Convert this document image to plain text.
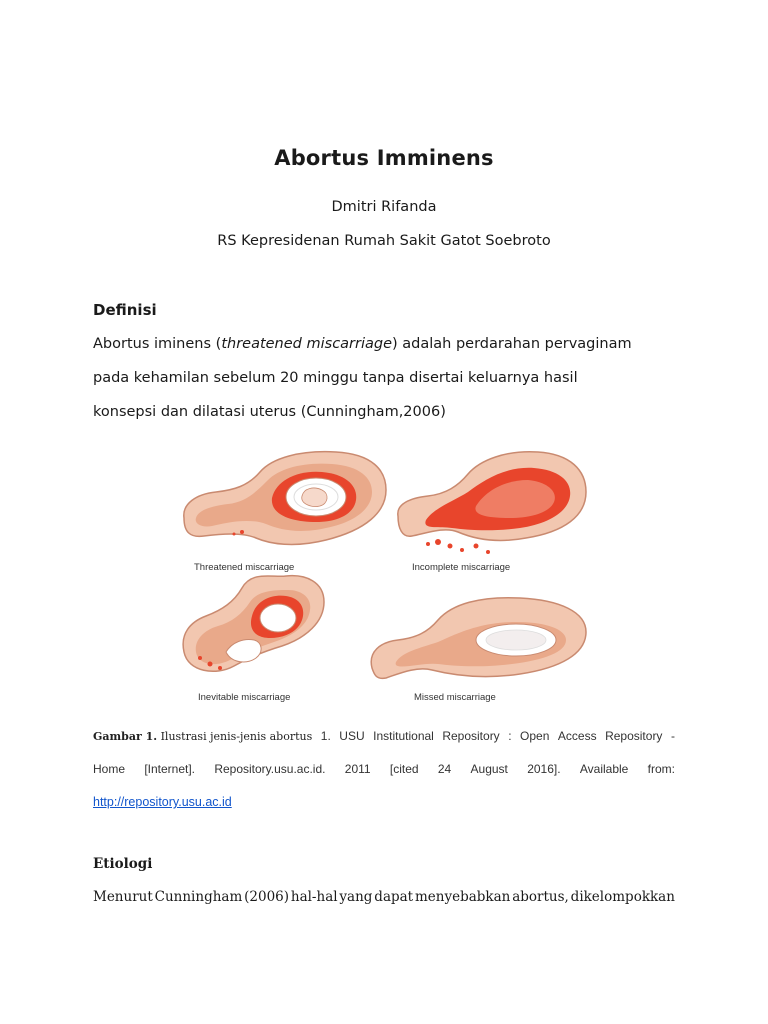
Abortus Imminens
Dmitri Rifanda
RS Kepresidenan Rumah Sakit Gatot Soebroto
Definisi
Abortus iminens (threatened miscarriage) adalah perdarahan pervaginam
pada kehamilan sebelum 20 minggu tanpa disertai keluarnya hasil
konsepsi dan dilatasi uterus (Cunningham,2006)
Threatened miscarriage	Incomplete miscarriage
Inevitable miscarriage	Missed miscarriage
Gambar 1. Ilustrasi jenis-jenis abortus 1. USU Institutional Repository : Open Access Repository -
Home [Internet]. Repository.usu.ac.id. 2011 [cited 24 August 2016]. Available from:
http://repository.usu.ac.id
Etiologi
Menurut Cunningham (2006) hal-hal yang dapat menyebabkan abortus, dikelompokkan
